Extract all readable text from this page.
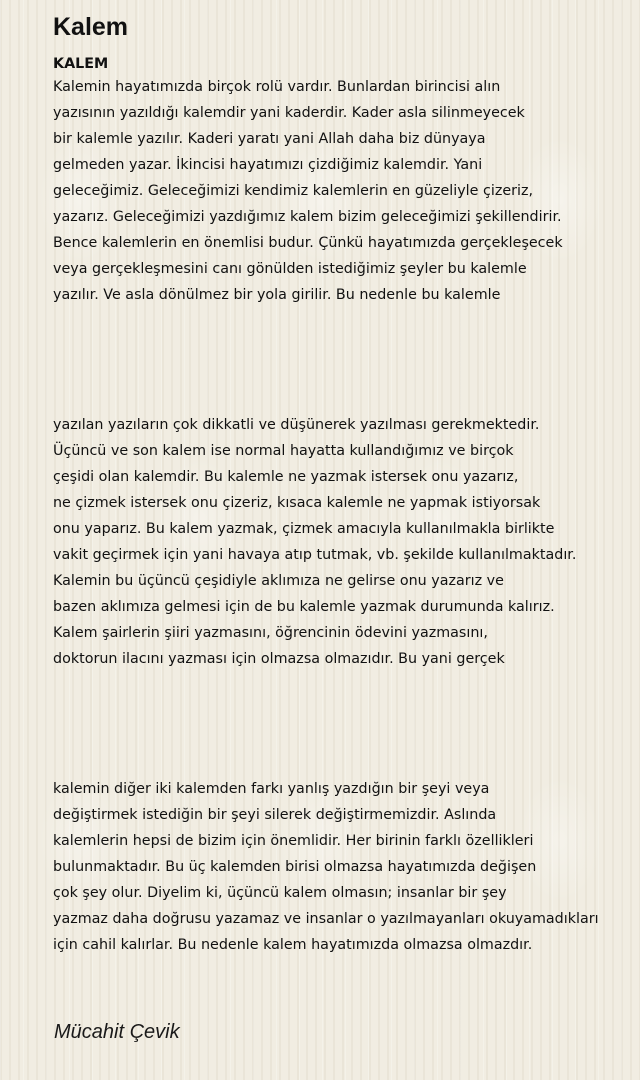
Kalem
KALEM
Kalemin hayatımızda birçok rolü vardır. Bunlardan birincisi alın
yazısının yazıldığı kalemdir yani kaderdir. Kader asla silinmeyecek
bir kalemle yazılır. Kaderi yaratı yani Allah daha biz dünyaya
gelmeden yazar. İkincisi hayatımızı çizdiğimiz kalemdir. Yani
geleceğimiz. Geleceğimizi kendimiz kalemlerin en güzeliyle çizeriz,
yazarız. Geleceğimizi yazdığımız kalem bizim geleceğimizi şekillendirir.
Bence kalemlerin en önemlisi budur. Çünkü hayatımızda gerçekleşecek
veya gerçekleşmesini canı gönülden istediğimiz şeyler bu kalemle
yazılır. Ve asla dönülmez bir yola girilir. Bu nedenle bu kalemle
yazılan yazıların çok dikkatli ve düşünerek yazılması gerekmektedir.
Üçüncü ve son kalem ise normal hayatta kullandığımız ve birçok
çeşidi olan kalemdir. Bu kalemle ne yazmak istersek onu yazarız,
ne çizmek istersek onu çizeriz, kısaca kalemle ne yapmak istiyorsak
onu yaparız. Bu kalem yazmak, çizmek amacıyla kullanılmakla birlikte
vakit geçirmek için yani havaya atıp tutmak, vb. şekilde kullanılmaktadır.
Kalemin bu üçüncü çeşidiyle aklımıza ne gelirse onu yazarız ve
bazen aklımıza gelmesi için de bu kalemle yazmak durumunda kalırız.
Kalem şairlerin şiiri yazmasını, öğrencinin ödevini yazmasını,
doktorun ilacını yazması için olmazsa olmazıdır. Bu yani gerçek
kalemin diğer iki kalemden farkı yanlış yazdığın bir şeyi veya
değiştirmek istediğin bir şeyi silerek değiştirmemizdir. Aslında
kalemlerin hepsi de bizim için önemlidir. Her birinin farklı özellikleri
bulunmaktadır. Bu üç kalemden birisi olmazsa hayatımızda değişen
çok şey olur. Diyelim ki, üçüncü kalem olmasın; insanlar bir şey
yazmaz daha doğrusu yazamaz ve insanlar o yazılmayanları okuyamadıkları
için cahil kalırlar. Bu nedenle kalem hayatımızda olmazsa olmazdır.
Mücahit Çevik
